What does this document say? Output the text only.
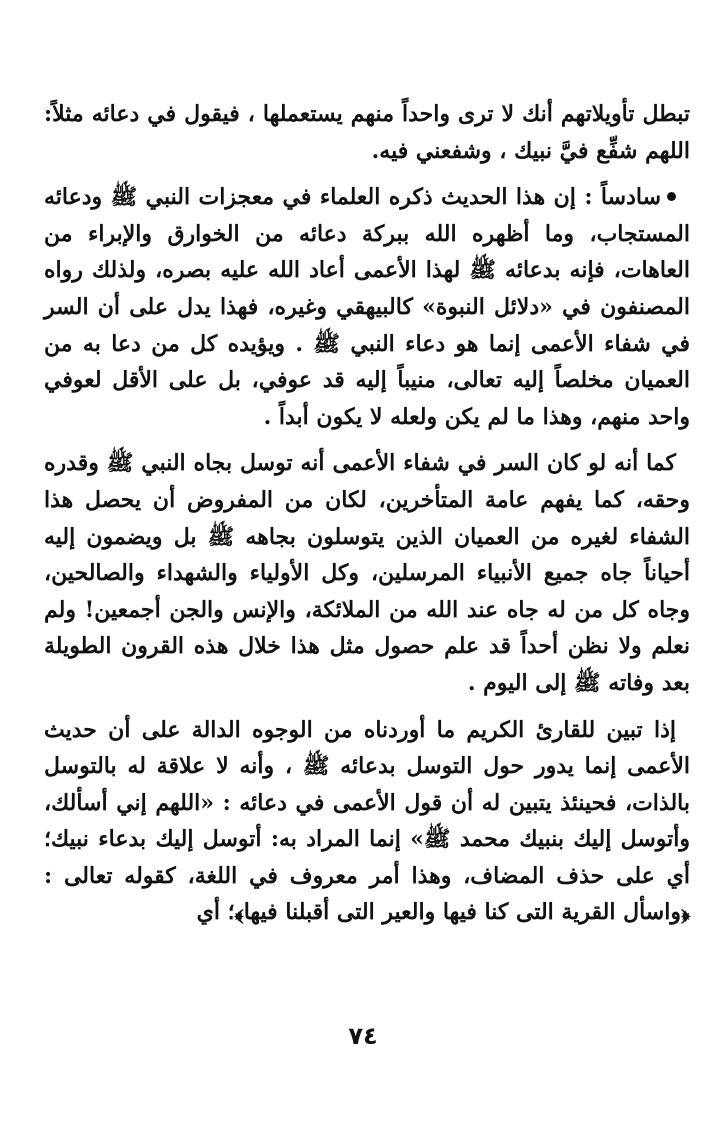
تبطل تأويلاتهم أنك لا ترى واحداً منهم يستعملها ، فيقول في دعائه مثلاً: اللهم شفِّع فيَّ نبيك ، وشفعني فيه.

سادساً : إن هذا الحديث ذكره العلماء في معجزات النبي ﷺ ودعائه المستجاب، وما أظهره الله ببركة دعائه من الخوارق والإبراء من العاهات، فإنه بدعائه ﷺ لهذا الأعمى أعاد الله عليه بصره، ولذلك رواه المصنفون في «دلائل النبوة» كالبيهقي وغيره، فهذا يدل على أن السر في شفاء الأعمى إنما هو دعاء النبي ﷺ . ويؤيده كل من دعا به من العميان مخلصاً إليه تعالى، منيباً إليه قد عوفي، بل على الأقل لعوفي واحد منهم، وهذا ما لم يكن ولعله لا يكون أبداً .

كما أنه لو كان السر في شفاء الأعمى أنه توسل بجاه النبي ﷺ وقدره وحقه، كما يفهم عامة المتأخرين، لكان من المفروض أن يحصل هذا الشفاء لغيره من العميان الذين يتوسلون بجاهه ﷺ بل ويضمون إليه أحياناً جاه جميع الأنبياء المرسلين، وكل الأولياء والشهداء والصالحين، وجاه كل من له جاه عند الله من الملائكة، والإنس والجن أجمعين! ولم نعلم ولا نظن أحداً قد علم حصول مثل هذا خلال هذه القرون الطويلة بعد وفاته ﷺ إلى اليوم .

إذا تبين للقارئ الكريم ما أوردناه من الوجوه الدالة على أن حديث الأعمى إنما يدور حول التوسل بدعائه ﷺ ، وأنه لا علاقة له بالتوسل بالذات، فحينئذ يتبين له أن قول الأعمى في دعائه : «اللهم إني أسألك، وأتوسل إليك بنبيك محمد ﷺ» إنما المراد به: أتوسل إليك بدعاء نبيك؛ أي على حذف المضاف، وهذا أمر معروف في اللغة، كقوله تعالى : ﴿واسأل القرية التى كنا فيها والعير التى أقبلنا فيها﴾؛ أي

٧٤
